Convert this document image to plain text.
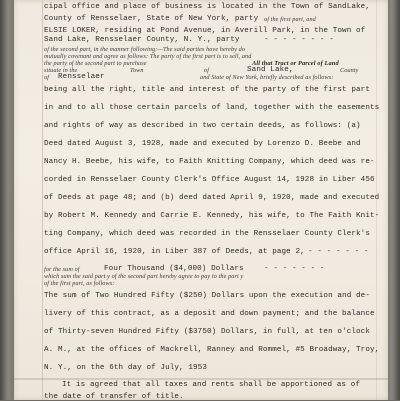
cipal office and place of business is located in the Town of SandLake,
County of Rensselaer, State of New York, party of the first part, and
ELSIE LOKER, residing at Pond Avenue, in Averill Park, in the Town of
Sand Lake, Rensselaer County, N. Y., party	- - - - - - - -
of the second part, in the manner following:—The said parties have hereby do
mutually covenant and agree as follows: The party of the first part is to sell, and
the party of the second part to purchase	All that Tract or Parcel of Land
situate in the	Town	of	Sand Lake,	County
of Rensselaer	and State of New York, briefly described as follows:
being all the right, title and interest of the party of the first part
in and to all those certain parcels of land, together with the easements
and rights of way as described in two certain deeds, as follows: (a)
Deed dated August 3, 1928, made and executed by Lorenzo D. Beebe and
Nancy H. Beebe, his wife, to Faith Knitting Company, which deed was re-
corded in Rensselaer County Clerk's Office August 14, 1928 in Liber 456
of Deeds at page 48; and (b) deed dated April 9, 1920, made and executed
by Robert M. Kennedy and Carrie E. Kennedy, his wife, to The Faith Knit-
ting Company, which deed was recorded in the Rensselaer County Clerk's
office April 16, 1920, in Liber 387 of Deeds, at page 2, - - - - - - -
for the sum of	Four Thousand ($4,000) Dollars	- - - - - - -
which sum the said part y of the second part hereby agree to pay to the part y
of the first part, as follows:
The sum of Two Hundred Fifty ($250) Dollars upon the execution and de-
livery of this contract, as a deposit and down payment; and the balance
of Thirty-seven Hundred Fifty ($3750) Dollars, in full, at ten o'clock
A. M., at the offices of Mackrell, Ranney and Rommel, #5 Broadway, Troy,
N. Y., on the 6th day of July, 1953
It is agreed that all taxes and rents shall be apportioned as of
the date of transfer of title.
